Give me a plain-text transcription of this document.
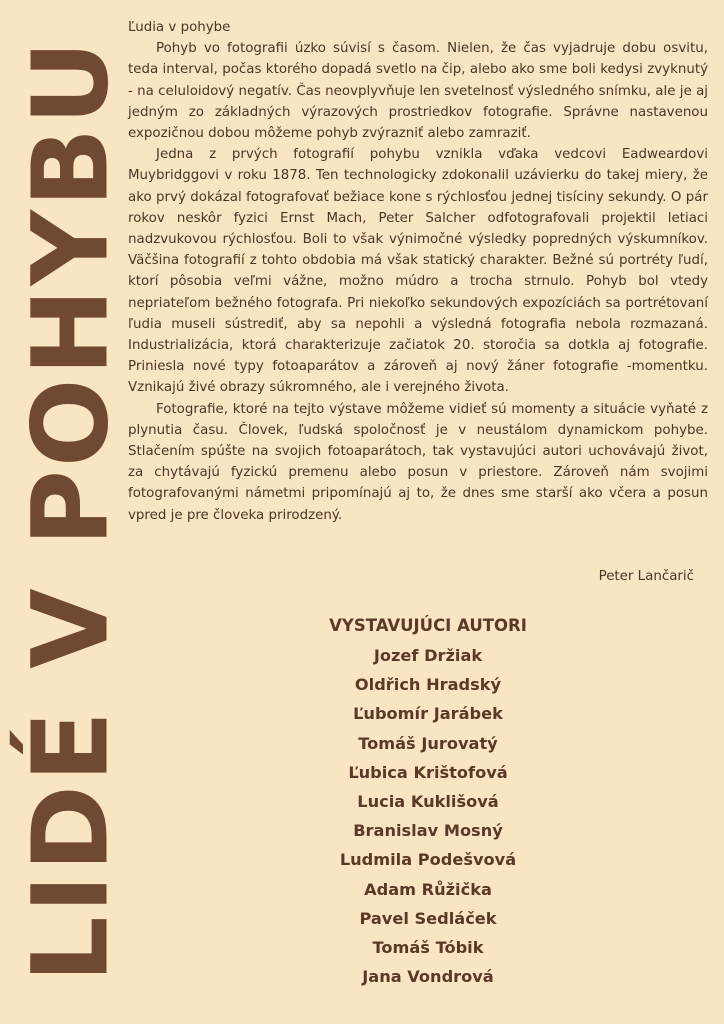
LIDÉ V POHYBU

Ľudia v pohybe

Pohyb vo fotografii úzko súvisí s časom. Nielen, že čas vyjadruje dobu osvitu, teda interval, počas ktorého dopadá svetlo na čip, alebo ako sme boli kedysi zvyknutý - na celuloidový negatív. Čas neovplyvňuje len svetelnosť výsledného snímku, ale je aj jedným zo základných výrazových prostriedkov fotografie. Správne nastavenou expozičnou dobou môžeme pohyb zvýrazniť alebo zamraziť.

Jedna z prvých fotografií pohybu vznikla vďaka vedcovi Eadweardovi Muybridggovi v roku 1878. Ten technologicky zdokonalil uzávierku do takej miery, že ako prvý dokázal fotografovať bežiace kone s rýchlosťou jednej tisíciny sekundy. O pár rokov neskôr fyzici Ernst Mach, Peter Salcher odfotografovali projektil letiaci nadzvukovou rýchlosťou. Boli to však výnimočné výsledky popredných výskumníkov. Väčšina fotografií z tohto obdobia má však statický charakter. Bežné sú portréty ľudí, ktorí pôsobia veľmi vážne, možno múdro a trocha strnulo. Pohyb bol vtedy nepriateľom bežného fotografa. Pri niekoľko sekundových expozíciách sa portrétovaní ľudia museli sústrediť, aby sa nepohli a výsledná fotografia nebola rozmazaná. Industrializácia, ktorá charakterizuje začiatok 20. storočia sa dotkla aj fotografie. Priniesla nové typy fotoaparátov a zároveň aj nový žáner fotografie -momentku. Vznikajú živé obrazy súkromného, ale i verejného života.

Fotografie, ktoré na tejto výstave môžeme vidieť sú momenty a situácie vyňaté z plynutia času. Človek, ľudská spoločnosť je v neustálom dynamickom pohybe. Stlačením spúšte na svojich fotoaparátoch, tak vystavujúci autori uchovávajú život, za chytávajú fyzickú premenu alebo posun v priestore. Zároveň nám svojimi fotografovanými námetmi pripomínajú aj to, že dnes sme starší ako včera a posun vpred je pre človeka prirodzený.

Peter Lančarič
VYSTAVUJÚCI AUTORI
Jozef Držiak
Oldřich Hradský
Ľubomír Jarábek
Tomáš Jurovatý
Ľubica Krištofová
Lucia Kuklišová
Branislav Mosný
Ludmila Podešvová
Adam Růžička
Pavel Sedláček
Tomáš Tóbik
Jana Vondrová
